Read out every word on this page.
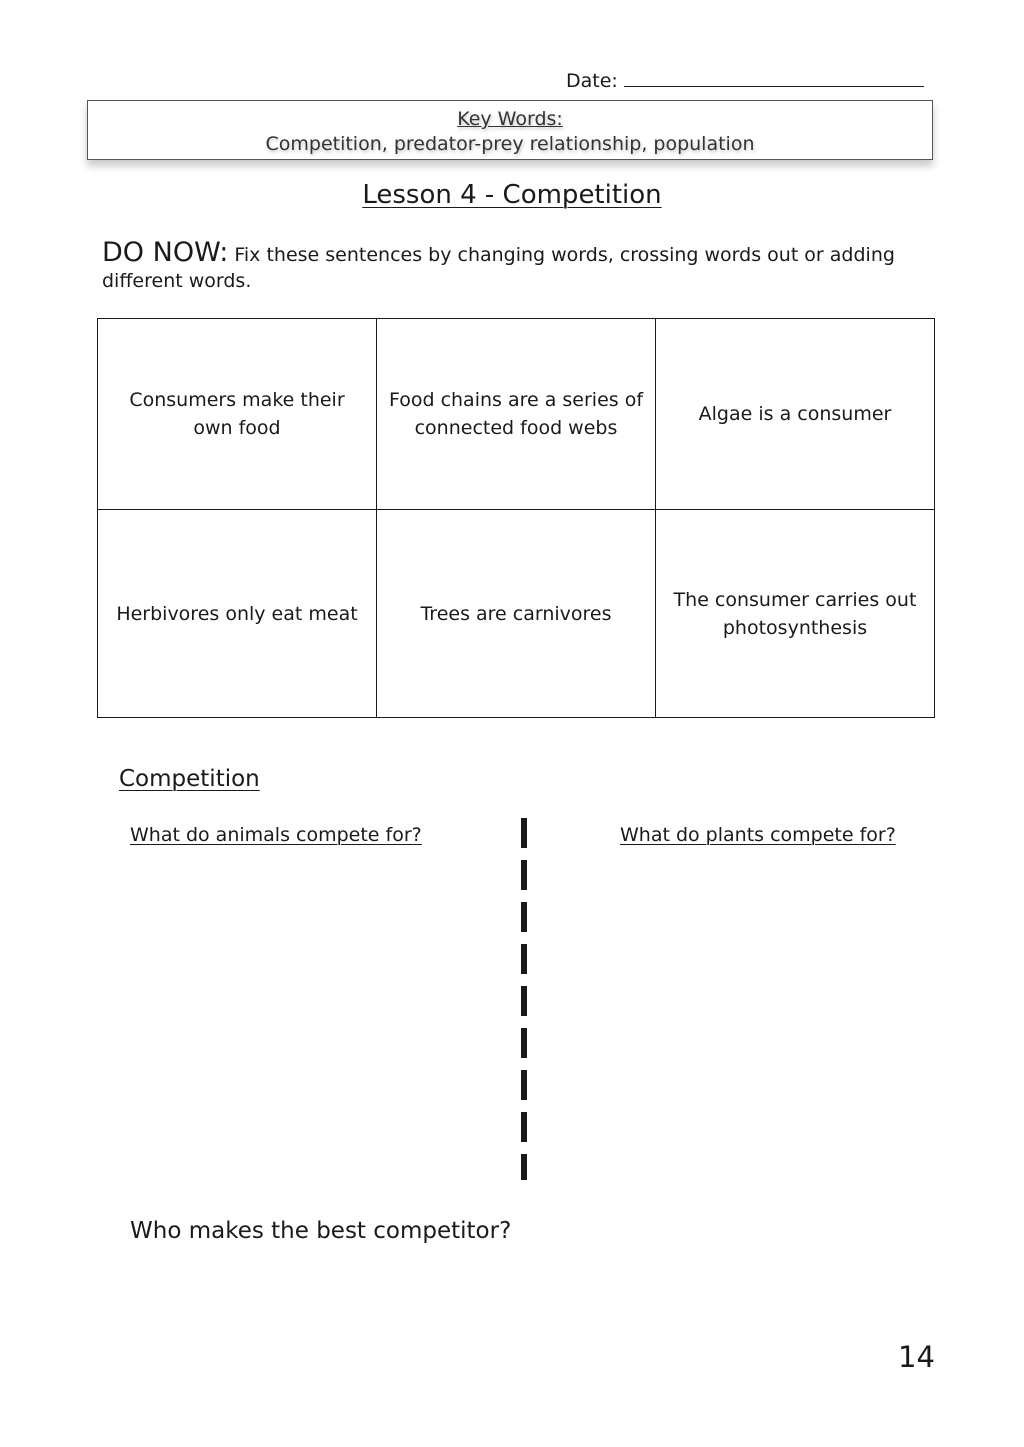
Date:
Key Words:
Competition, predator-prey relationship, population
Lesson 4 - Competition
DO NOW: Fix these sentences by changing words, crossing words out or adding different words.
Consumers make their own food	Food chains are a series of connected food webs	Algae is a consumer
Herbivores only eat meat	Trees are carnivores	The consumer carries out photosynthesis
Competition
What do animals compete for?	What do plants compete for?
Who makes the best competitor?
14
